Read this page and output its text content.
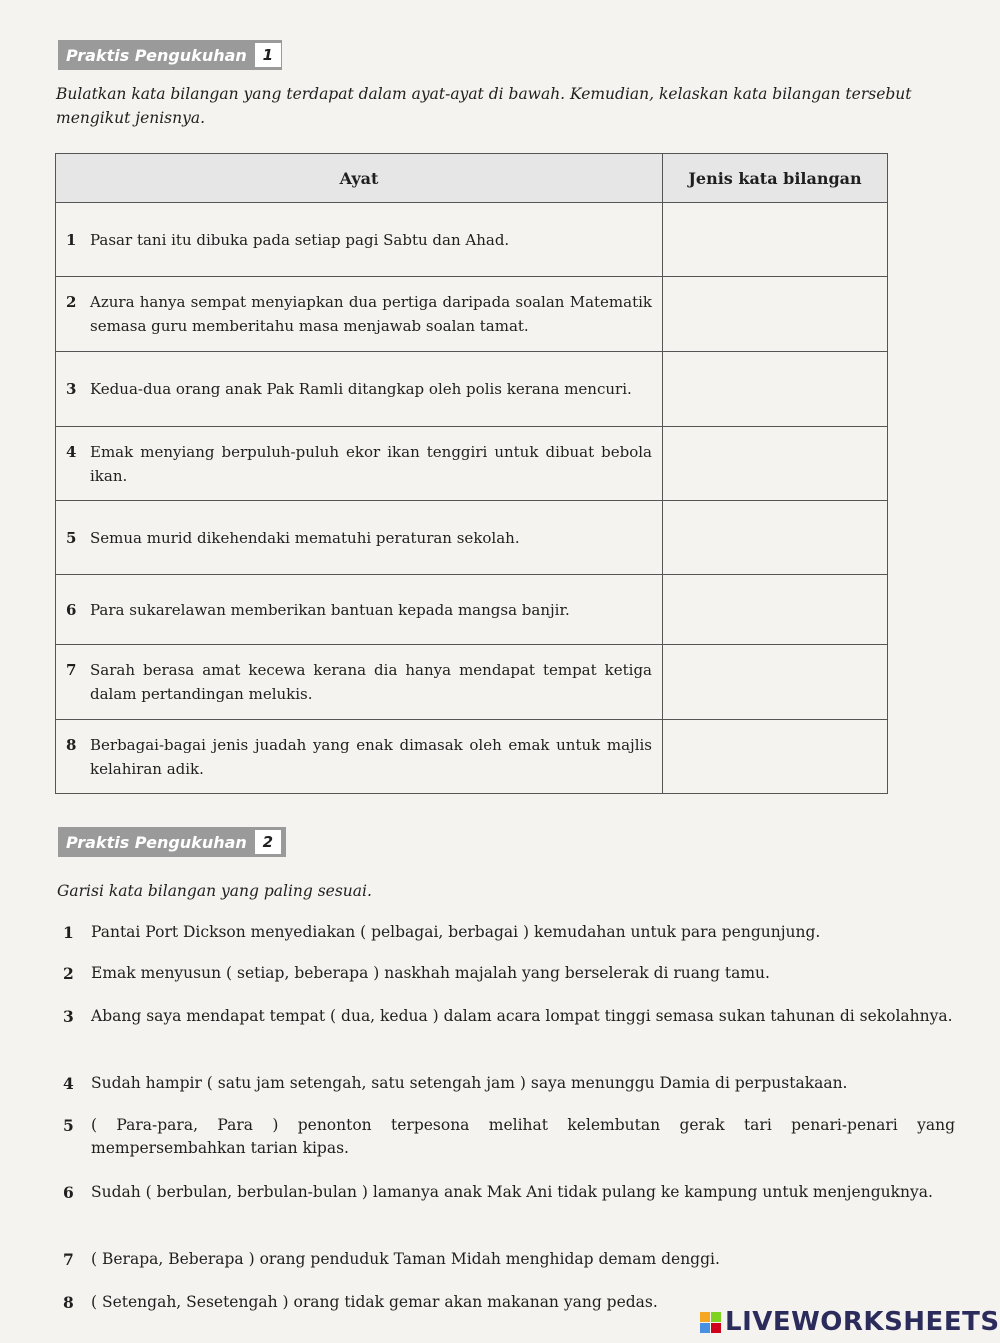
Praktis Pengukuhan	1
Bulatkan kata bilangan yang terdapat dalam ayat-ayat di bawah. Kemudian, kelaskan kata bilangan tersebut mengikut jenisnya.
Ayat	Jenis kata bilangan

1 Pasar tani itu dibuka pada setiap pagi Sabtu dan Ahad.	

2 Azura hanya sempat menyiapkan dua pertiga daripada soalan Matematik semasa guru memberitahu masa menjawab soalan tamat.	

3 Kedua-dua orang anak Pak Ramli ditangkap oleh polis kerana mencuri.	

4 Emak menyiang berpuluh-puluh ekor ikan tenggiri untuk dibuat bebola ikan.	

5 Semua murid dikehendaki mematuhi peraturan sekolah.	

6 Para sukarelawan memberikan bantuan kepada mangsa banjir.	

7 Sarah berasa amat kecewa kerana dia hanya mendapat tempat ketiga dalam pertandingan melukis.	

8 Berbagai-bagai jenis juadah yang enak dimasak oleh emak untuk majlis kelahiran adik.	

Praktis Pengukuhan	2
Garisi kata bilangan yang paling sesuai.
1	Pantai Port Dickson menyediakan ( pelbagai, berbagai ) kemudahan untuk para pengunjung.
2	Emak menyusun ( setiap, beberapa ) naskhah majalah yang berselerak di ruang tamu.
3	Abang saya mendapat tempat ( dua, kedua ) dalam acara lompat tinggi semasa sukan tahunan di sekolahnya.
4	Sudah hampir ( satu jam setengah, satu setengah jam ) saya menunggu Damia di perpustakaan.
5	( Para-para, Para ) penonton terpesona melihat kelembutan gerak tari penari-penari yang mempersembahkan tarian kipas.
6	Sudah ( berbulan, berbulan-bulan ) lamanya anak Mak Ani tidak pulang ke kampung untuk menjenguknya.
7	( Berapa, Beberapa ) orang penduduk Taman Midah menghidap demam denggi.
8	( Setengah, Sesetengah ) orang tidak gemar akan makanan yang pedas.
LIVEWORKSHEETS
